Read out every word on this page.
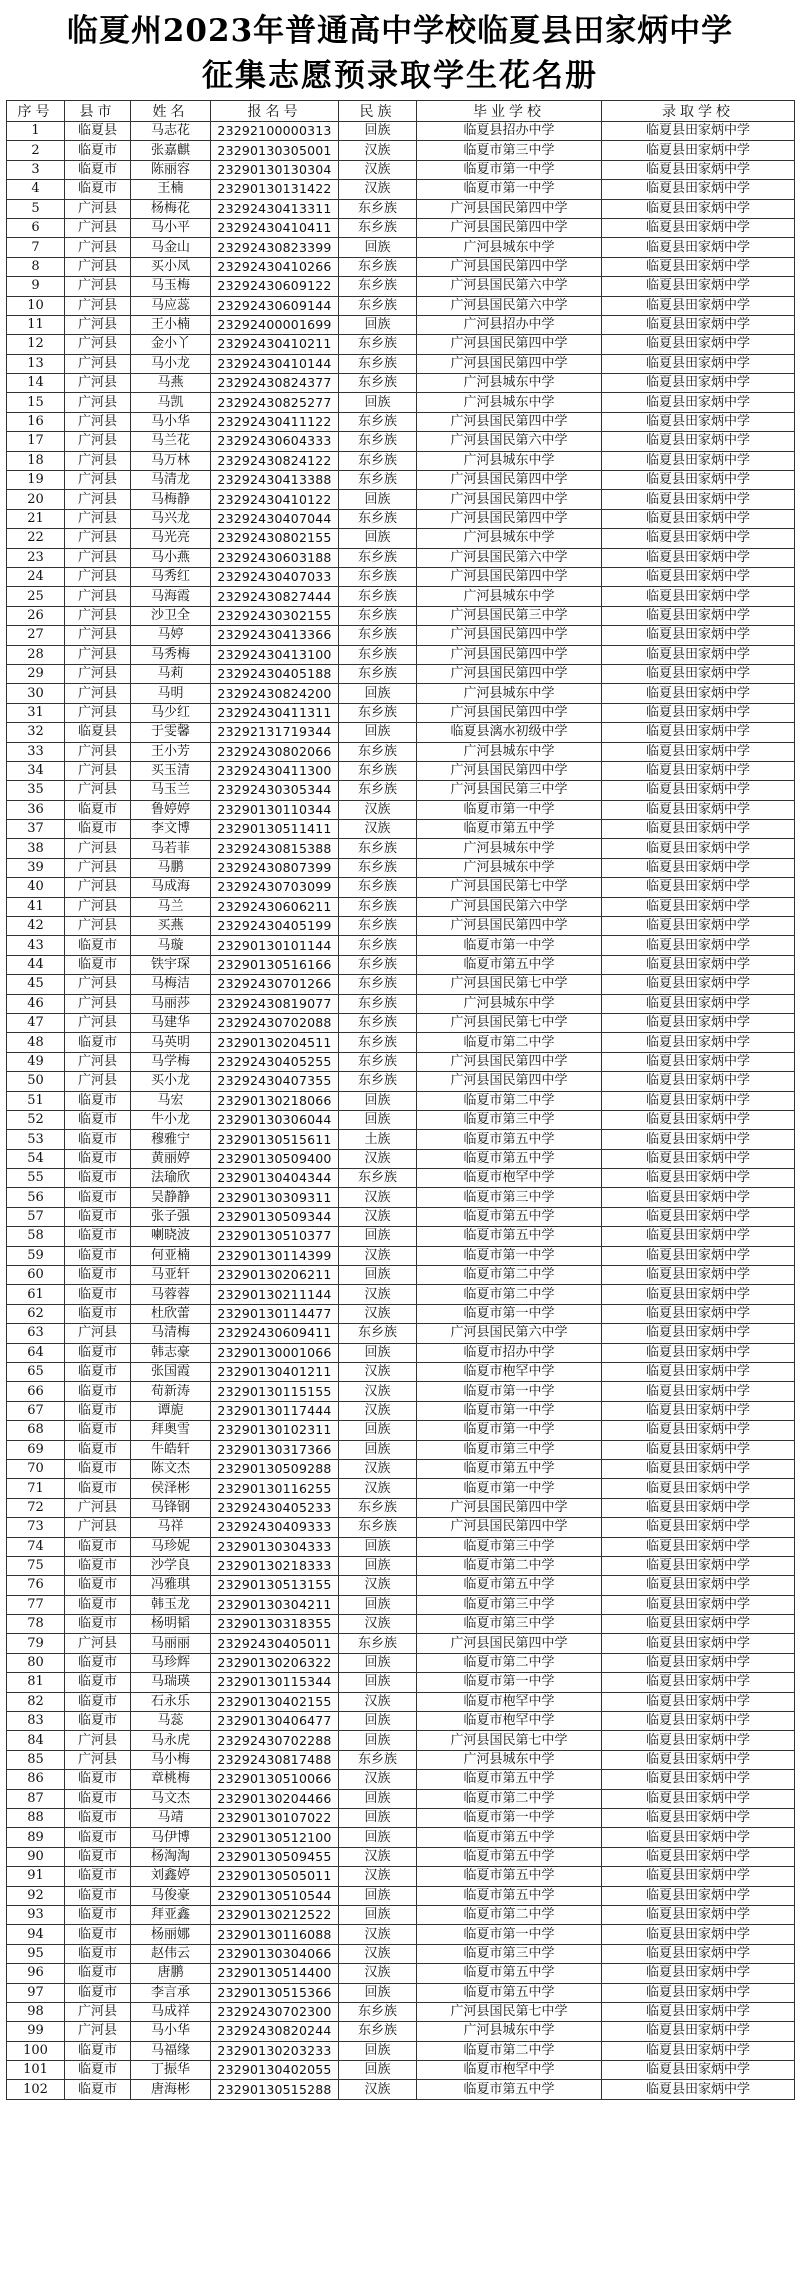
临夏州2023年普通高中学校临夏县田家炳中学
征集志愿预录取学生花名册
序号	县市	姓名	报名号	民族	毕业学校	录取学校
1	临夏县	马志花	23292100000313	回族	临夏县招办中学	临夏县田家炳中学
2	临夏市	张嘉麒	23290130305001	汉族	临夏市第三中学	临夏县田家炳中学
3	临夏市	陈丽容	23290130130304	汉族	临夏市第一中学	临夏县田家炳中学
4	临夏市	王楠	23290130131422	汉族	临夏市第一中学	临夏县田家炳中学
5	广河县	杨梅花	23292430413311	东乡族	广河县国民第四中学	临夏县田家炳中学
6	广河县	马小平	23292430410411	东乡族	广河县国民第四中学	临夏县田家炳中学
7	广河县	马金山	23292430823399	回族	广河县城东中学	临夏县田家炳中学
8	广河县	买小凤	23292430410266	东乡族	广河县国民第四中学	临夏县田家炳中学
9	广河县	马玉梅	23292430609122	东乡族	广河县国民第六中学	临夏县田家炳中学
10	广河县	马应蕊	23292430609144	东乡族	广河县国民第六中学	临夏县田家炳中学
11	广河县	王小楠	23292400001699	回族	广河县招办中学	临夏县田家炳中学
12	广河县	金小丫	23292430410211	东乡族	广河县国民第四中学	临夏县田家炳中学
13	广河县	马小龙	23292430410144	东乡族	广河县国民第四中学	临夏县田家炳中学
14	广河县	马燕	23292430824377	东乡族	广河县城东中学	临夏县田家炳中学
15	广河县	马凯	23292430825277	回族	广河县城东中学	临夏县田家炳中学
16	广河县	马小华	23292430411122	东乡族	广河县国民第四中学	临夏县田家炳中学
17	广河县	马兰花	23292430604333	东乡族	广河县国民第六中学	临夏县田家炳中学
18	广河县	马万林	23292430824122	东乡族	广河县城东中学	临夏县田家炳中学
19	广河县	马清龙	23292430413388	东乡族	广河县国民第四中学	临夏县田家炳中学
20	广河县	马梅静	23292430410122	回族	广河县国民第四中学	临夏县田家炳中学
21	广河县	马兴龙	23292430407044	东乡族	广河县国民第四中学	临夏县田家炳中学
22	广河县	马光亮	23292430802155	回族	广河县城东中学	临夏县田家炳中学
23	广河县	马小燕	23292430603188	东乡族	广河县国民第六中学	临夏县田家炳中学
24	广河县	马秀红	23292430407033	东乡族	广河县国民第四中学	临夏县田家炳中学
25	广河县	马海霞	23292430827444	东乡族	广河县城东中学	临夏县田家炳中学
26	广河县	沙卫全	23292430302155	东乡族	广河县国民第三中学	临夏县田家炳中学
27	广河县	马婷	23292430413366	东乡族	广河县国民第四中学	临夏县田家炳中学
28	广河县	马秀梅	23292430413100	东乡族	广河县国民第四中学	临夏县田家炳中学
29	广河县	马莉	23292430405188	东乡族	广河县国民第四中学	临夏县田家炳中学
30	广河县	马明	23292430824200	回族	广河县城东中学	临夏县田家炳中学
31	广河县	马少红	23292430411311	东乡族	广河县国民第四中学	临夏县田家炳中学
32	临夏县	于雯馨	23292131719344	回族	临夏县漓水初级中学	临夏县田家炳中学
33	广河县	王小芳	23292430802066	东乡族	广河县城东中学	临夏县田家炳中学
34	广河县	买玉清	23292430411300	东乡族	广河县国民第四中学	临夏县田家炳中学
35	广河县	马玉兰	23292430305344	东乡族	广河县国民第三中学	临夏县田家炳中学
36	临夏市	鲁婷婷	23290130110344	汉族	临夏市第一中学	临夏县田家炳中学
37	临夏市	李文博	23290130511411	汉族	临夏市第五中学	临夏县田家炳中学
38	广河县	马若菲	23292430815388	东乡族	广河县城东中学	临夏县田家炳中学
39	广河县	马鹏	23292430807399	东乡族	广河县城东中学	临夏县田家炳中学
40	广河县	马成海	23292430703099	东乡族	广河县国民第七中学	临夏县田家炳中学
41	广河县	马兰	23292430606211	东乡族	广河县国民第六中学	临夏县田家炳中学
42	广河县	买燕	23292430405199	东乡族	广河县国民第四中学	临夏县田家炳中学
43	临夏市	马璇	23290130101144	东乡族	临夏市第一中学	临夏县田家炳中学
44	临夏市	铁宇琛	23290130516166	东乡族	临夏市第五中学	临夏县田家炳中学
45	广河县	马梅洁	23292430701266	东乡族	广河县国民第七中学	临夏县田家炳中学
46	广河县	马丽莎	23292430819077	东乡族	广河县城东中学	临夏县田家炳中学
47	广河县	马建华	23292430702088	东乡族	广河县国民第七中学	临夏县田家炳中学
48	临夏市	马英明	23290130204511	东乡族	临夏市第二中学	临夏县田家炳中学
49	广河县	马学梅	23292430405255	东乡族	广河县国民第四中学	临夏县田家炳中学
50	广河县	买小龙	23292430407355	东乡族	广河县国民第四中学	临夏县田家炳中学
51	临夏市	马宏	23290130218066	回族	临夏市第二中学	临夏县田家炳中学
52	临夏市	牛小龙	23290130306044	回族	临夏市第三中学	临夏县田家炳中学
53	临夏市	穆雅宁	23290130515611	土族	临夏市第五中学	临夏县田家炳中学
54	临夏市	黄丽婷	23290130509400	汉族	临夏市第五中学	临夏县田家炳中学
55	临夏市	法瑜欣	23290130404344	东乡族	临夏市枹罕中学	临夏县田家炳中学
56	临夏市	吴静静	23290130309311	汉族	临夏市第三中学	临夏县田家炳中学
57	临夏市	张子强	23290130509344	汉族	临夏市第五中学	临夏县田家炳中学
58	临夏市	喇晓波	23290130510377	回族	临夏市第五中学	临夏县田家炳中学
59	临夏市	何亚楠	23290130114399	汉族	临夏市第一中学	临夏县田家炳中学
60	临夏市	马亚轩	23290130206211	回族	临夏市第二中学	临夏县田家炳中学
61	临夏市	马蓉蓉	23290130211144	汉族	临夏市第二中学	临夏县田家炳中学
62	临夏市	杜欣蕾	23290130114477	汉族	临夏市第一中学	临夏县田家炳中学
63	广河县	马清梅	23292430609411	东乡族	广河县国民第六中学	临夏县田家炳中学
64	临夏市	韩志豪	23290130001066	回族	临夏市招办中学	临夏县田家炳中学
65	临夏市	张国霞	23290130401211	汉族	临夏市枹罕中学	临夏县田家炳中学
66	临夏市	荀新涛	23290130115155	汉族	临夏市第一中学	临夏县田家炳中学
67	临夏市	谭旎	23290130117444	汉族	临夏市第一中学	临夏县田家炳中学
68	临夏市	拜奥雪	23290130102311	回族	临夏市第一中学	临夏县田家炳中学
69	临夏市	牛皓轩	23290130317366	回族	临夏市第三中学	临夏县田家炳中学
70	临夏市	陈文杰	23290130509288	汉族	临夏市第五中学	临夏县田家炳中学
71	临夏市	侯泽彬	23290130116255	汉族	临夏市第一中学	临夏县田家炳中学
72	广河县	马锋钢	23292430405233	东乡族	广河县国民第四中学	临夏县田家炳中学
73	广河县	马祥	23292430409333	东乡族	广河县国民第四中学	临夏县田家炳中学
74	临夏市	马珍妮	23290130304333	回族	临夏市第三中学	临夏县田家炳中学
75	临夏市	沙学良	23290130218333	回族	临夏市第二中学	临夏县田家炳中学
76	临夏市	冯雅琪	23290130513155	汉族	临夏市第五中学	临夏县田家炳中学
77	临夏市	韩玉龙	23290130304211	回族	临夏市第三中学	临夏县田家炳中学
78	临夏市	杨明韬	23290130318355	汉族	临夏市第三中学	临夏县田家炳中学
79	广河县	马丽丽	23292430405011	东乡族	广河县国民第四中学	临夏县田家炳中学
80	临夏市	马珍辉	23290130206322	回族	临夏市第二中学	临夏县田家炳中学
81	临夏市	马瑞瑛	23290130115344	回族	临夏市第一中学	临夏县田家炳中学
82	临夏市	石永乐	23290130402155	汉族	临夏市枹罕中学	临夏县田家炳中学
83	临夏市	马蕊	23290130406477	回族	临夏市枹罕中学	临夏县田家炳中学
84	广河县	马永虎	23292430702288	回族	广河县国民第七中学	临夏县田家炳中学
85	广河县	马小梅	23292430817488	东乡族	广河县城东中学	临夏县田家炳中学
86	临夏市	章桃梅	23290130510066	汉族	临夏市第五中学	临夏县田家炳中学
87	临夏市	马文杰	23290130204466	回族	临夏市第二中学	临夏县田家炳中学
88	临夏市	马靖	23290130107022	回族	临夏市第一中学	临夏县田家炳中学
89	临夏市	马伊博	23290130512100	回族	临夏市第五中学	临夏县田家炳中学
90	临夏市	杨淘淘	23290130509455	汉族	临夏市第五中学	临夏县田家炳中学
91	临夏市	刘鑫婷	23290130505011	汉族	临夏市第五中学	临夏县田家炳中学
92	临夏市	马俊豪	23290130510544	回族	临夏市第五中学	临夏县田家炳中学
93	临夏市	拜亚鑫	23290130212522	回族	临夏市第二中学	临夏县田家炳中学
94	临夏市	杨丽娜	23290130116088	汉族	临夏市第一中学	临夏县田家炳中学
95	临夏市	赵伟云	23290130304066	汉族	临夏市第三中学	临夏县田家炳中学
96	临夏市	唐鹏	23290130514400	汉族	临夏市第五中学	临夏县田家炳中学
97	临夏市	李言承	23290130515366	回族	临夏市第五中学	临夏县田家炳中学
98	广河县	马成祥	23292430702300	东乡族	广河县国民第七中学	临夏县田家炳中学
99	广河县	马小华	23292430820244	东乡族	广河县城东中学	临夏县田家炳中学
100	临夏市	马福缘	23290130203233	回族	临夏市第二中学	临夏县田家炳中学
101	临夏市	丁振华	23290130402055	回族	临夏市枹罕中学	临夏县田家炳中学
102	临夏市	唐海彬	23290130515288	汉族	临夏市第五中学	临夏县田家炳中学
